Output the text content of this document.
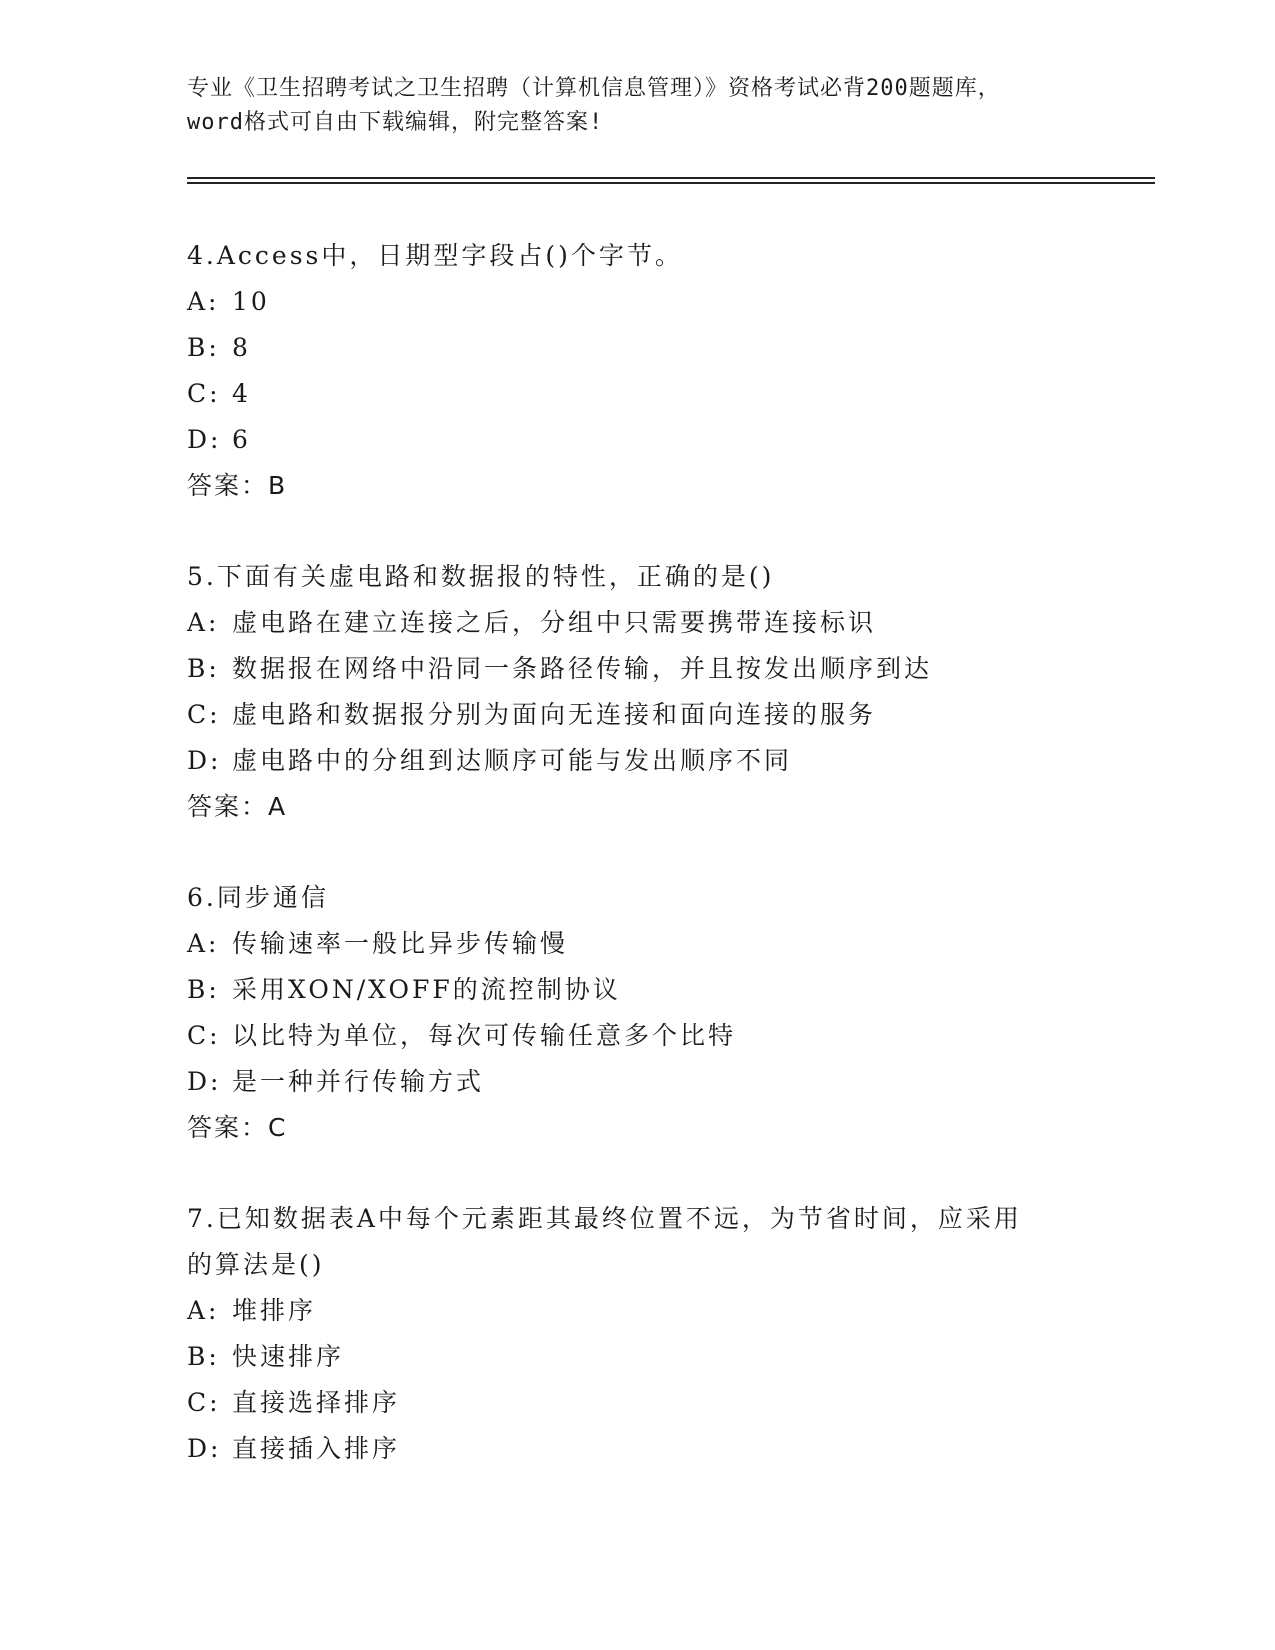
专业《卫生招聘考试之卫生招聘（计算机信息管理）》资格考试必背200题题库，
word格式可自由下载编辑，附完整答案!
4.Access中，日期型字段占()个字节。
A: 10
B: 8
C: 4
D: 6
答案：B
5.下面有关虚电路和数据报的特性，正确的是()
A: 虚电路在建立连接之后，分组中只需要携带连接标识
B: 数据报在网络中沿同一条路径传输，并且按发出顺序到达
C: 虚电路和数据报分别为面向无连接和面向连接的服务
D: 虚电路中的分组到达顺序可能与发出顺序不同
答案：A
6.同步通信
A: 传输速率一般比异步传输慢
B: 采用XON/XOFF的流控制协议
C: 以比特为单位，每次可传输任意多个比特
D: 是一种并行传输方式
答案：C
7.已知数据表A中每个元素距其最终位置不远，为节省时间，应采用
的算法是()
A: 堆排序
B: 快速排序
C: 直接选择排序
D: 直接插入排序
